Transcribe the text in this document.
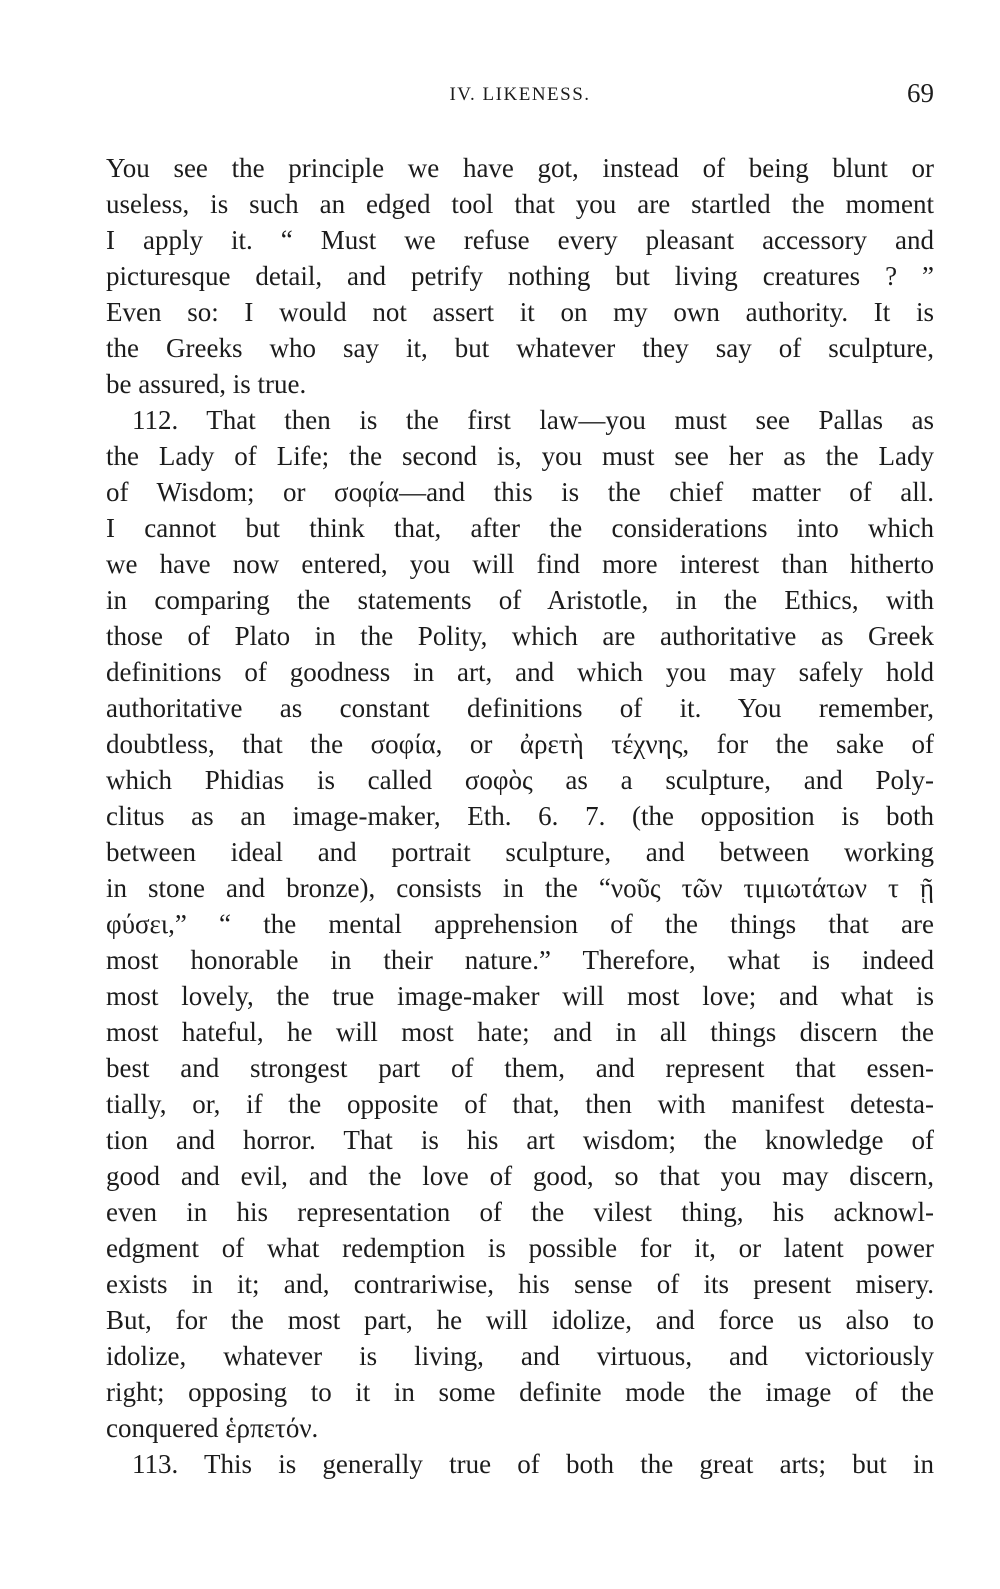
IV. LIKENESS.	69
You see the principle we have got, instead of being blunt or
useless, is such an edged tool that you are startled the moment
I apply it. “ Must we refuse every pleasant accessory and
picturesque detail, and petrify nothing but living creatures ? ”
Even so: I would not assert it on my own authority. It is
the Greeks who say it, but whatever they say of sculpture,
be assured, is true.
112. That then is the first law—you must see Pallas as
the Lady of Life; the second is, you must see her as the Lady
of Wisdom; or σοφία—and this is the chief matter of all.
I cannot but think that, after the considerations into which
we have now entered, you will find more interest than hitherto
in comparing the statements of Aristotle, in the Ethics, with
those of Plato in the Polity, which are authoritative as Greek
definitions of goodness in art, and which you may safely hold
authoritative as constant definitions of it. You remember,
doubtless, that the σοφία, or ἀρετὴ τέχνης, for the sake of
which Phidias is called σοφὸς as a sculpture, and Poly-
clitus as an image-maker, Eth. 6. 7. (the opposition is both
between ideal and portrait sculpture, and between working
in stone and bronze), consists in the “νοῦς τῶν τιμιωτάτων τ ῇ
φύσει,” “ the mental apprehension of the things that are
most honorable in their nature.” Therefore, what is indeed
most lovely, the true image-maker will most love; and what is
most hateful, he will most hate; and in all things discern the
best and strongest part of them, and represent that essen-
tially, or, if the opposite of that, then with manifest detesta-
tion and horror. That is his art wisdom; the knowledge of
good and evil, and the love of good, so that you may discern,
even in his representation of the vilest thing, his acknowl-
edgment of what redemption is possible for it, or latent power
exists in it; and, contrariwise, his sense of its present misery.
But, for the most part, he will idolize, and force us also to
idolize, whatever is living, and virtuous, and victoriously
right; opposing to it in some definite mode the image of the
conquered ἑρπετόν.
113. This is generally true of both the great arts; but in
